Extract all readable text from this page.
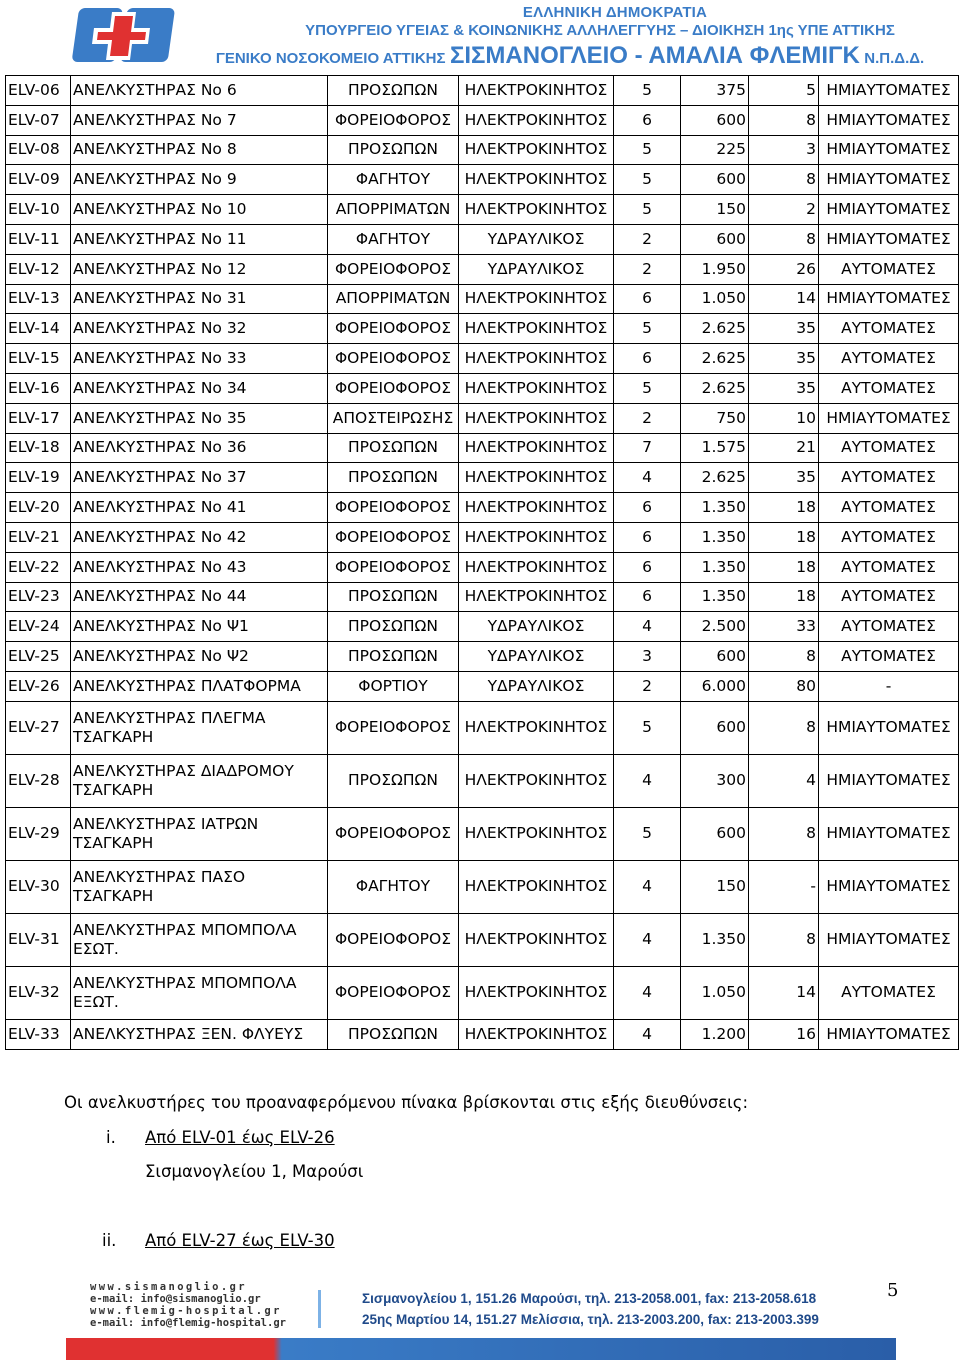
ΕΛΛΗΝΙΚΗ ΔΗΜΟΚΡΑΤΙΑ
ΥΠΟΥΡΓΕΙΟ ΥΓΕΙΑΣ & ΚΟΙΝΩΝΙΚΗΣ ΑΛΛΗΛΕΓΓΥΗΣ – ΔΙΟΙΚΗΣΗ 1ης ΥΠΕ ΑΤΤΙΚΗΣ
ΓΕΝΙΚΟ ΝΟΣΟΚΟΜΕΙΟ ΑΤΤΙΚΗΣ ΣΙΣΜΑΝΟΓΛΕΙΟ - ΑΜΑΛΙΑ ΦΛΕΜΙΓΚ Ν.Π.Δ.Δ.
ELV-06	ΑΝΕΛΚΥΣΤΗΡΑΣ Νο 6	ΠΡΟΣΩΠΩΝ	ΗΛΕΚΤΡΟΚΙΝΗΤΟΣ	5	375	5	ΗΜΙΑΥΤΟΜΑΤΕΣ
ELV-07	ΑΝΕΛΚΥΣΤΗΡΑΣ Νο 7	ΦΟΡΕΙΟΦΟΡΟΣ	ΗΛΕΚΤΡΟΚΙΝΗΤΟΣ	6	600	8	ΗΜΙΑΥΤΟΜΑΤΕΣ
ELV-08	ΑΝΕΛΚΥΣΤΗΡΑΣ Νο 8	ΠΡΟΣΩΠΩΝ	ΗΛΕΚΤΡΟΚΙΝΗΤΟΣ	5	225	3	ΗΜΙΑΥΤΟΜΑΤΕΣ
ELV-09	ΑΝΕΛΚΥΣΤΗΡΑΣ Νο 9	ΦΑΓΗΤΟΥ	ΗΛΕΚΤΡΟΚΙΝΗΤΟΣ	5	600	8	ΗΜΙΑΥΤΟΜΑΤΕΣ
ELV-10	ΑΝΕΛΚΥΣΤΗΡΑΣ Νο 10	ΑΠΟΡΡΙΜΑΤΩΝ	ΗΛΕΚΤΡΟΚΙΝΗΤΟΣ	5	150	2	ΗΜΙΑΥΤΟΜΑΤΕΣ
ELV-11	ΑΝΕΛΚΥΣΤΗΡΑΣ Νο 11	ΦΑΓΗΤΟΥ	ΥΔΡΑΥΛΙΚΟΣ	2	600	8	ΗΜΙΑΥΤΟΜΑΤΕΣ
ELV-12	ΑΝΕΛΚΥΣΤΗΡΑΣ Νο 12	ΦΟΡΕΙΟΦΟΡΟΣ	ΥΔΡΑΥΛΙΚΟΣ	2	1.950	26	ΑΥΤΟΜΑΤΕΣ
ELV-13	ΑΝΕΛΚΥΣΤΗΡΑΣ Νο 31	ΑΠΟΡΡΙΜΑΤΩΝ	ΗΛΕΚΤΡΟΚΙΝΗΤΟΣ	6	1.050	14	ΗΜΙΑΥΤΟΜΑΤΕΣ
ELV-14	ΑΝΕΛΚΥΣΤΗΡΑΣ Νο 32	ΦΟΡΕΙΟΦΟΡΟΣ	ΗΛΕΚΤΡΟΚΙΝΗΤΟΣ	5	2.625	35	ΑΥΤΟΜΑΤΕΣ
ELV-15	ΑΝΕΛΚΥΣΤΗΡΑΣ Νο 33	ΦΟΡΕΙΟΦΟΡΟΣ	ΗΛΕΚΤΡΟΚΙΝΗΤΟΣ	6	2.625	35	ΑΥΤΟΜΑΤΕΣ
ELV-16	ΑΝΕΛΚΥΣΤΗΡΑΣ Νο 34	ΦΟΡΕΙΟΦΟΡΟΣ	ΗΛΕΚΤΡΟΚΙΝΗΤΟΣ	5	2.625	35	ΑΥΤΟΜΑΤΕΣ
ELV-17	ΑΝΕΛΚΥΣΤΗΡΑΣ Νο 35	ΑΠΟΣΤΕΙΡΩΣΗΣ	ΗΛΕΚΤΡΟΚΙΝΗΤΟΣ	2	750	10	ΗΜΙΑΥΤΟΜΑΤΕΣ
ELV-18	ΑΝΕΛΚΥΣΤΗΡΑΣ Νο 36	ΠΡΟΣΩΠΩΝ	ΗΛΕΚΤΡΟΚΙΝΗΤΟΣ	7	1.575	21	ΑΥΤΟΜΑΤΕΣ
ELV-19	ΑΝΕΛΚΥΣΤΗΡΑΣ Νο 37	ΠΡΟΣΩΠΩΝ	ΗΛΕΚΤΡΟΚΙΝΗΤΟΣ	4	2.625	35	ΑΥΤΟΜΑΤΕΣ
ELV-20	ΑΝΕΛΚΥΣΤΗΡΑΣ Νο 41	ΦΟΡΕΙΟΦΟΡΟΣ	ΗΛΕΚΤΡΟΚΙΝΗΤΟΣ	6	1.350	18	ΑΥΤΟΜΑΤΕΣ
ELV-21	ΑΝΕΛΚΥΣΤΗΡΑΣ Νο 42	ΦΟΡΕΙΟΦΟΡΟΣ	ΗΛΕΚΤΡΟΚΙΝΗΤΟΣ	6	1.350	18	ΑΥΤΟΜΑΤΕΣ
ELV-22	ΑΝΕΛΚΥΣΤΗΡΑΣ Νο 43	ΦΟΡΕΙΟΦΟΡΟΣ	ΗΛΕΚΤΡΟΚΙΝΗΤΟΣ	6	1.350	18	ΑΥΤΟΜΑΤΕΣ
ELV-23	ΑΝΕΛΚΥΣΤΗΡΑΣ Νο 44	ΠΡΟΣΩΠΩΝ	ΗΛΕΚΤΡΟΚΙΝΗΤΟΣ	6	1.350	18	ΑΥΤΟΜΑΤΕΣ
ELV-24	ΑΝΕΛΚΥΣΤΗΡΑΣ Νο Ψ1	ΠΡΟΣΩΠΩΝ	ΥΔΡΑΥΛΙΚΟΣ	4	2.500	33	ΑΥΤΟΜΑΤΕΣ
ELV-25	ΑΝΕΛΚΥΣΤΗΡΑΣ Νο Ψ2	ΠΡΟΣΩΠΩΝ	ΥΔΡΑΥΛΙΚΟΣ	3	600	8	ΑΥΤΟΜΑΤΕΣ
ELV-26	ΑΝΕΛΚΥΣΤΗΡΑΣ ΠΛΑΤΦΟΡΜΑ	ΦΟΡΤΙΟΥ	ΥΔΡΑΥΛΙΚΟΣ	2	6.000	80	-
ELV-27	ΑΝΕΛΚΥΣΤΗΡΑΣ ΠΛΕΓΜΑ ΤΣΑΓΚΑΡΗ	ΦΟΡΕΙΟΦΟΡΟΣ	ΗΛΕΚΤΡΟΚΙΝΗΤΟΣ	5	600	8	ΗΜΙΑΥΤΟΜΑΤΕΣ
ELV-28	ΑΝΕΛΚΥΣΤΗΡΑΣ ΔΙΑΔΡΟΜΟΥ ΤΣΑΓΚΑΡΗ	ΠΡΟΣΩΠΩΝ	ΗΛΕΚΤΡΟΚΙΝΗΤΟΣ	4	300	4	ΗΜΙΑΥΤΟΜΑΤΕΣ
ELV-29	ΑΝΕΛΚΥΣΤΗΡΑΣ ΙΑΤΡΩΝ ΤΣΑΓΚΑΡΗ	ΦΟΡΕΙΟΦΟΡΟΣ	ΗΛΕΚΤΡΟΚΙΝΗΤΟΣ	5	600	8	ΗΜΙΑΥΤΟΜΑΤΕΣ
ELV-30	ΑΝΕΛΚΥΣΤΗΡΑΣ ΠΑΣΟ ΤΣΑΓΚΑΡΗ	ΦΑΓΗΤΟΥ	ΗΛΕΚΤΡΟΚΙΝΗΤΟΣ	4	150	-	ΗΜΙΑΥΤΟΜΑΤΕΣ
ELV-31	ΑΝΕΛΚΥΣΤΗΡΑΣ ΜΠΟΜΠΟΛΑ ΕΣΩΤ.	ΦΟΡΕΙΟΦΟΡΟΣ	ΗΛΕΚΤΡΟΚΙΝΗΤΟΣ	4	1.350	8	ΗΜΙΑΥΤΟΜΑΤΕΣ
ELV-32	ΑΝΕΛΚΥΣΤΗΡΑΣ ΜΠΟΜΠΟΛΑ ΕΞΩΤ.	ΦΟΡΕΙΟΦΟΡΟΣ	ΗΛΕΚΤΡΟΚΙΝΗΤΟΣ	4	1.050	14	ΑΥΤΟΜΑΤΕΣ
ELV-33	ΑΝΕΛΚΥΣΤΗΡΑΣ ΞΕΝ. ΦΛΥΕΥΣ	ΠΡΟΣΩΠΩΝ	ΗΛΕΚΤΡΟΚΙΝΗΤΟΣ	4	1.200	16	ΗΜΙΑΥΤΟΜΑΤΕΣ
Οι ανελκυστήρες του προαναφερόμενου πίνακα βρίσκονται στις εξής διευθύνσεις:
i. Από ELV-01 έως ELV-26
Σισμανογλείου 1, Μαρούσι
ii. Από ELV-27 έως ELV-30
www.sismanoglio.gr
e-mail: info@sismanoglio.gr
www.flemig-hospital.gr
e-mail: info@flemig-hospital.gr
Σισμανογλείου 1, 151.26 Μαρούσι, τηλ. 213-2058.001, fax: 213-2058.618
25ης Μαρτίου 14, 151.27 Μελίσσια, τηλ. 213-2003.200, fax: 213-2003.399
5
